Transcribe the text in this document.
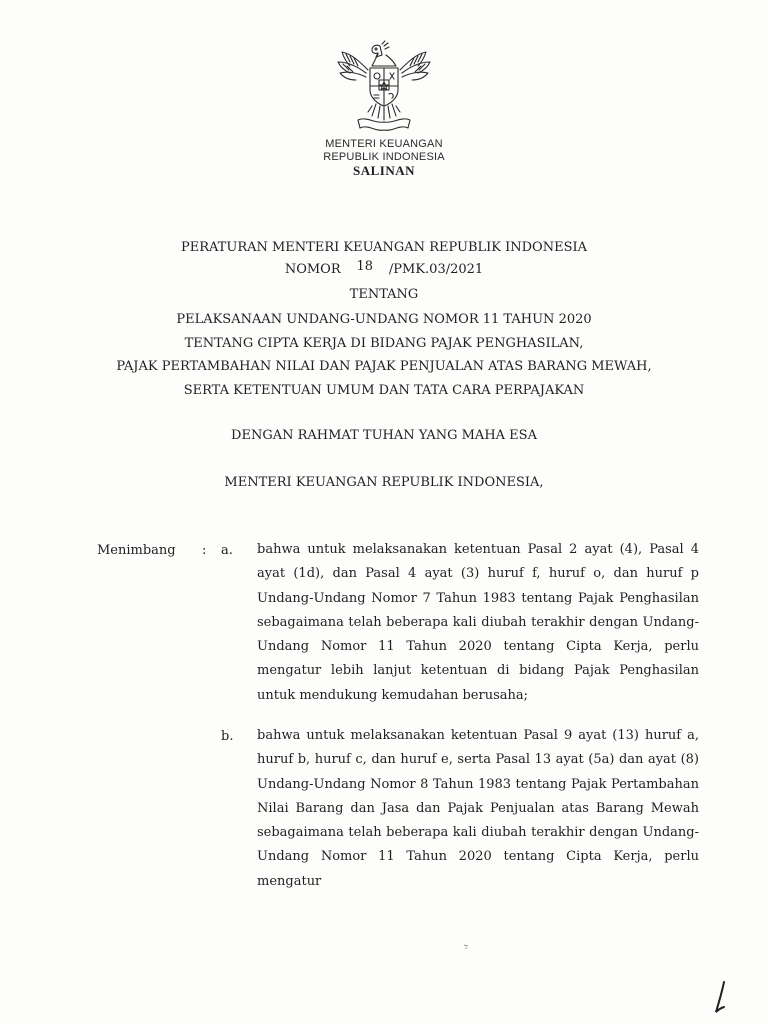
MENTERI KEUANGAN
REPUBLIK INDONESIA
SALINAN
PERATURAN MENTERI KEUANGAN REPUBLIK INDONESIA
NOMOR 18 /PMK.03/2021
TENTANG
PELAKSANAAN UNDANG-UNDANG NOMOR 11 TAHUN 2020
TENTANG CIPTA KERJA DI BIDANG PAJAK PENGHASILAN,
PAJAK PERTAMBAHAN NILAI DAN PAJAK PENJUALAN ATAS BARANG MEWAH,
SERTA KETENTUAN UMUM DAN TATA CARA PERPAJAKAN
DENGAN RAHMAT TUHAN YANG MAHA ESA
MENTERI KEUANGAN REPUBLIK INDONESIA,
Menimbang : a. bahwa untuk melaksanakan ketentuan Pasal 2 ayat (4), Pasal 4 ayat (1d), dan Pasal 4 ayat (3) huruf f, huruf o, dan huruf p Undang-Undang Nomor 7 Tahun 1983 tentang Pajak Penghasilan sebagaimana telah beberapa kali diubah terakhir dengan Undang-Undang Nomor 11 Tahun 2020 tentang Cipta Kerja, perlu mengatur lebih lanjut ketentuan di bidang Pajak Penghasilan untuk mendukung kemudahan berusaha;
b. bahwa untuk melaksanakan ketentuan Pasal 9 ayat (13) huruf a, huruf b, huruf c, dan huruf e, serta Pasal 13 ayat (5a) dan ayat (8) Undang-Undang Nomor 8 Tahun 1983 tentang Pajak Pertambahan Nilai Barang dan Jasa dan Pajak Penjualan atas Barang Mewah sebagaimana telah beberapa kali diubah terakhir dengan Undang-Undang Nomor 11 Tahun 2020 tentang Cipta Kerja, perlu mengatur
